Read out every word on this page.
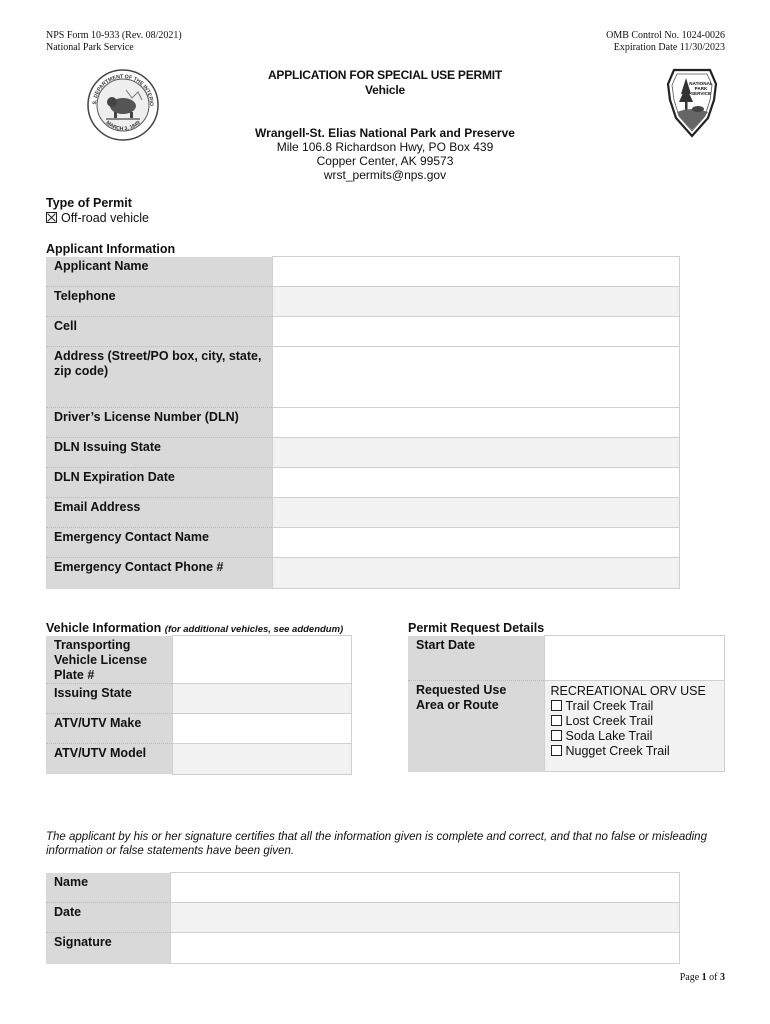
NPS Form 10-933 (Rev. 08/2021)
National Park Service
OMB Control No. 1024-0026
Expiration Date 11/30/2023
S. DEPARTMENT OF THE INTERIO
MARCH 3, 1849
NATIONAL
PARK
SERVICE
APPLICATION FOR SPECIAL USE PERMIT
Vehicle
Wrangell-St. Elias National Park and Preserve
Mile 106.8 Richardson Hwy, PO Box 439
Copper Center, AK 99573
wrst_permits@nps.gov
Type of Permit
Off-road vehicle
Applicant Information
Applicant Name	
Telephone	
Cell	
Address (Street/PO box, city, state, zip code)	
Driver’s License Number (DLN)	
DLN Issuing State	
DLN Expiration Date	
Email Address	
Emergency Contact Name	
Emergency Contact Phone #	
Vehicle Information (for additional vehicles, see addendum)
Transporting Vehicle License Plate #	
Issuing State	
ATV/UTV Make	
ATV/UTV Model	
Permit Request Details
Start Date	
Requested Use Area or Route	RECREATIONAL ORV USE
Trail Creek Trail
Lost Creek Trail
Soda Lake Trail
Nugget Creek Trail
The applicant by his or her signature certifies that all the information given is complete and correct, and that no false or misleading information or false statements have been given.
Name	
Date	
Signature	
Page 1 of 3
